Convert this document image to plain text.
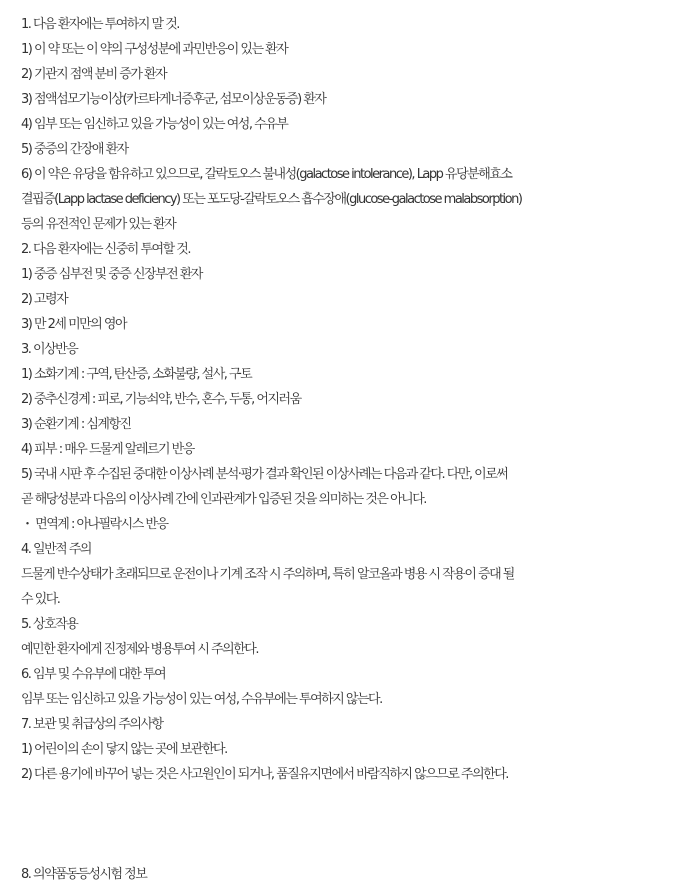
1. 다음 환자에는 투여하지 말 것.
1) 이 약 또는 이 약의 구성성분에 과민반응이 있는 환자
2) 기관지 점액 분비 증가 환자
3) 점액섬모기능이상(카르타게너증후군, 섬모이상운동증) 환자
4) 임부 또는 임신하고 있을 가능성이 있는 여성, 수유부
5) 중증의 간장애 환자
6) 이 약은 유당을 함유하고 있으므로, 갈락토오스 불내성(galactose intolerance), Lapp 유당분해효소
결핍증(Lapp lactase deficiency) 또는 포도당-갈락토오스 흡수장애(glucose-galactose malabsorption)
등의 유전적인 문제가 있는 환자
2. 다음 환자에는 신중히 투여할 것.
1) 중증 심부전 및 중증 신장부전 환자
2) 고령자
3) 만 2세 미만의 영아
3. 이상반응
1) 소화기계 : 구역, 탄산증, 소화불량, 설사, 구토
2) 중추신경계 : 피로, 기능쇠약, 반수, 혼수, 두통, 어지러움
3) 순환기계 : 심계항진
4) 피부 : 매우 드물게 알레르기 반응
5) 국내 시판 후 수집된 중대한 이상사례 분석·평가 결과 확인된 이상사례는 다음과 같다. 다만, 이로써
곧 해당성분과 다음의 이상사례 간에 인과관계가 입증된 것을 의미하는 것은 아니다.
・ 면역계 : 아나필락시스 반응
4. 일반적 주의
드물게 반수상태가 초래되므로 운전이나 기계 조작 시 주의하며, 특히 알코올과 병용 시 작용이 증대 될
수 있다.
5. 상호작용
예민한 환자에게 진정제와 병용투여 시 주의한다.
6. 임부 및 수유부에 대한 투여
임부 또는 임신하고 있을 가능성이 있는 여성, 수유부에는 투여하지 않는다.
7. 보관 및 취급상의 주의사항
1) 어린이의 손이 닿지 않는 곳에 보관한다.
2) 다른 용기에 바꾸어 넣는 것은 사고원인이 되거나, 품질유지면에서 바람직하지 않으므로 주의한다.
8. 의약품동등성시험 정보
